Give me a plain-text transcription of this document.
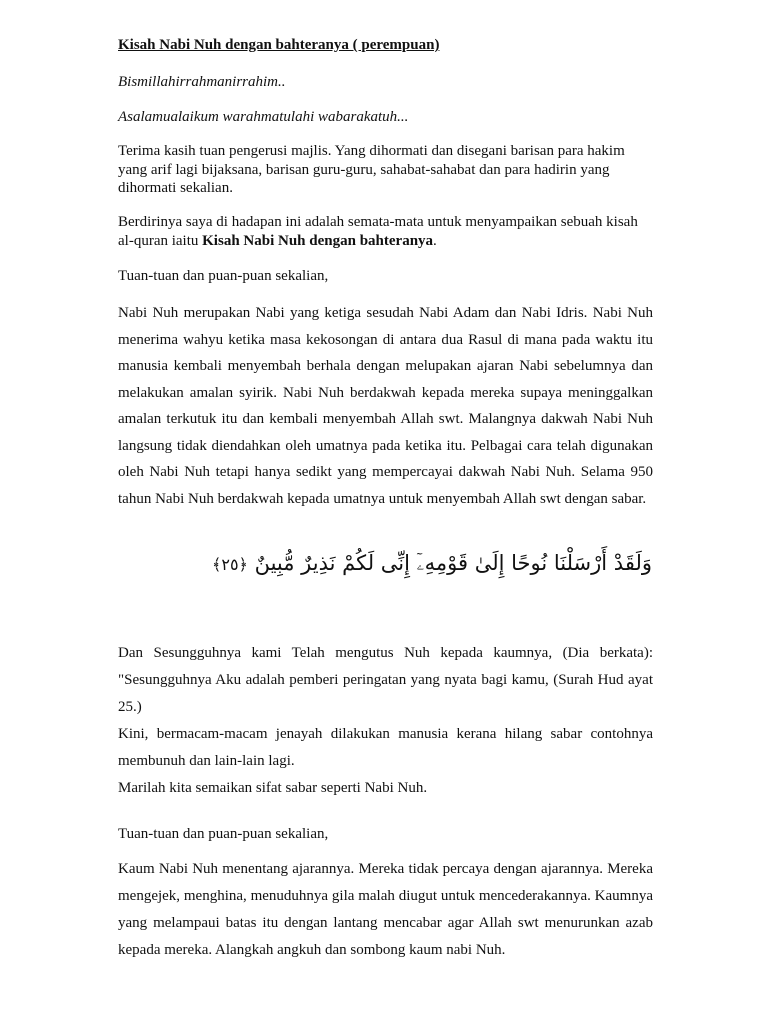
Kisah Nabi Nuh dengan bahteranya ( perempuan)

Bismillahirrahmanirrahim..

Asalamualaikum warahmatulahi wabarakatuh...

Terima kasih tuan pengerusi majlis. Yang dihormati dan disegani barisan para hakim yang arif lagi bijaksana, barisan guru-guru, sahabat-sahabat dan para hadirin yang dihormati sekalian.

Berdirinya saya di hadapan ini adalah semata-mata untuk menyampaikan sebuah kisah al-quran iaitu Kisah Nabi Nuh dengan bahteranya.

Tuan-tuan dan puan-puan sekalian,

Nabi Nuh merupakan Nabi yang ketiga sesudah Nabi Adam dan Nabi Idris. Nabi Nuh menerima wahyu ketika masa kekosongan di antara dua Rasul di mana pada waktu itu manusia kembali menyembah berhala dengan melupakan ajaran Nabi sebelumnya dan melakukan amalan syirik. Nabi Nuh berdakwah kepada mereka supaya meninggalkan amalan terkutuk itu dan kembali menyembah Allah swt. Malangnya dakwah Nabi Nuh langsung tidak diendahkan oleh umatnya pada ketika itu. Pelbagai cara telah digunakan oleh Nabi Nuh tetapi hanya sedikt yang mempercayai dakwah Nabi Nuh. Selama 950 tahun Nabi Nuh berdakwah kepada umatnya untuk menyembah Allah swt dengan sabar.

Dan Sesungguhnya kami Telah mengutus Nuh kepada kaumnya, (Dia berkata): "Sesungguhnya Aku adalah pemberi peringatan yang nyata bagi kamu, (Surah Hud ayat 25.)

Kini, bermacam-macam jenayah dilakukan manusia kerana hilang sabar contohnya membunuh dan lain-lain lagi.

Marilah kita semaikan sifat sabar seperti Nabi Nuh.

Tuan-tuan dan puan-puan sekalian,

Kaum Nabi Nuh menentang ajarannya. Mereka tidak percaya dengan ajarannya. Mereka mengejek, menghina, menuduhnya gila malah diugut untuk mencederakannya. Kaumnya yang melampaui batas itu dengan lantang mencabar agar Allah swt menurunkan azab kepada mereka. Alangkah angkuh dan sombong kaum nabi Nuh.

وَلَقَدْ أَرْسَلْنَا نُوحًا إِلَىٰ قَوْمِهِۦٓ إِنِّى لَكُمْ نَذِيرٌ مُّبِينٌ ﴿٢٥﴾
